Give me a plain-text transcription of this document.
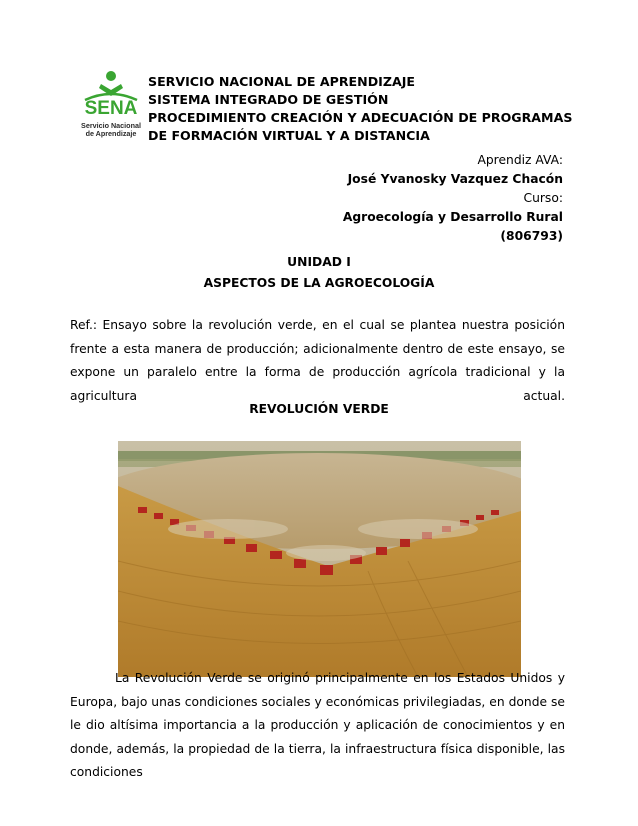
SENA
Servicio Nacional
de Aprendizaje
SERVICIO NACIONAL DE APRENDIZAJE
SISTEMA INTEGRADO DE GESTIÓN
PROCEDIMIENTO CREACIÓN Y ADECUACIÓN DE PROGRAMAS
DE FORMACIÓN VIRTUAL Y A DISTANCIA
Aprendiz AVA:
José Yvanosky Vazquez Chacón
Curso:
Agroecología y Desarrollo Rural
(806793)
UNIDAD I
ASPECTOS DE LA AGROECOLOGÍA
Ref.: Ensayo sobre la revolución verde, en el cual se plantea nuestra posición frente a esta manera de producción; adicionalmente dentro de este ensayo, se expone un paralelo entre la forma de producción agrícola tradicional y la agricultura actual.
REVOLUCIÓN VERDE
La Revolución Verde se originó principalmente en los Estados Unidos y Europa, bajo unas condiciones sociales y económicas privilegiadas, en donde se le dio altísima importancia a la producción y aplicación de conocimientos y en donde, además, la propiedad de la tierra, la infraestructura física disponible, las condiciones
